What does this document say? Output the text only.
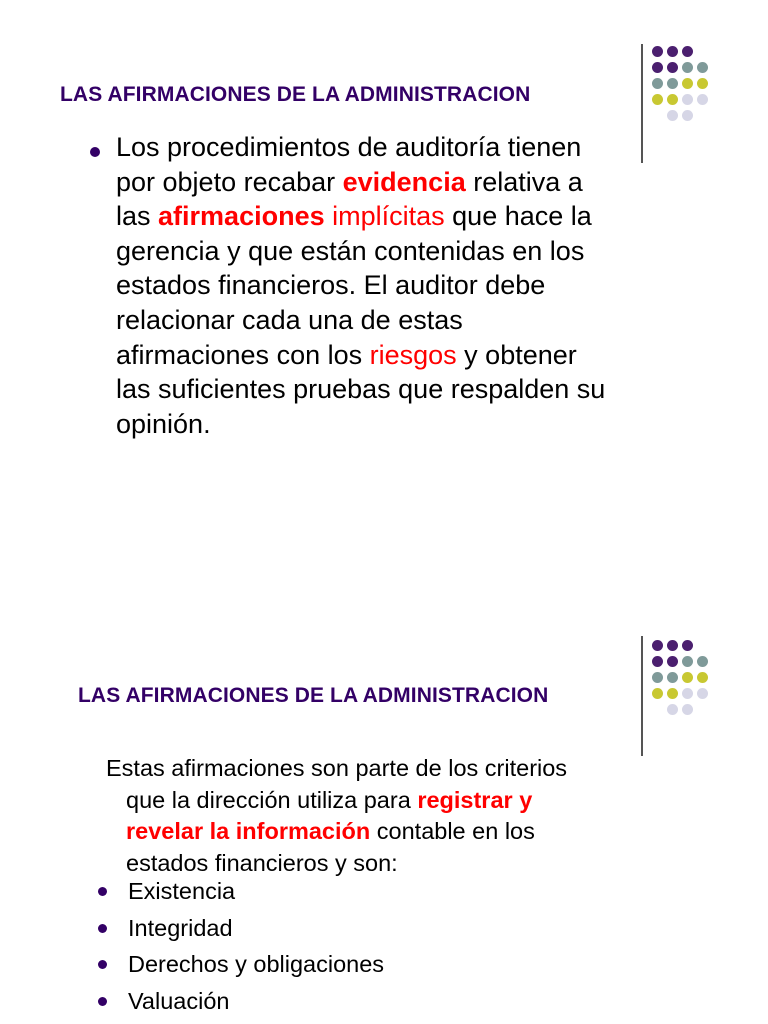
LAS AFIRMACIONES DE LA ADMINISTRACION

Los procedimientos de auditoría tienen por objeto recabar evidencia relativa a las afirmaciones implícitas que hace la gerencia y que están contenidas en los estados financieros. El auditor debe relacionar cada una de estas afirmaciones con los riesgos y obtener las suficientes pruebas que respalden su opinión.

LAS AFIRMACIONES DE LA ADMINISTRACION

Estas afirmaciones son parte de los criterios
que la dirección utiliza para registrar y
revelar la información contable en los
estados financieros y son:

Existencia
Integridad
Derechos y obligaciones
Valuación
